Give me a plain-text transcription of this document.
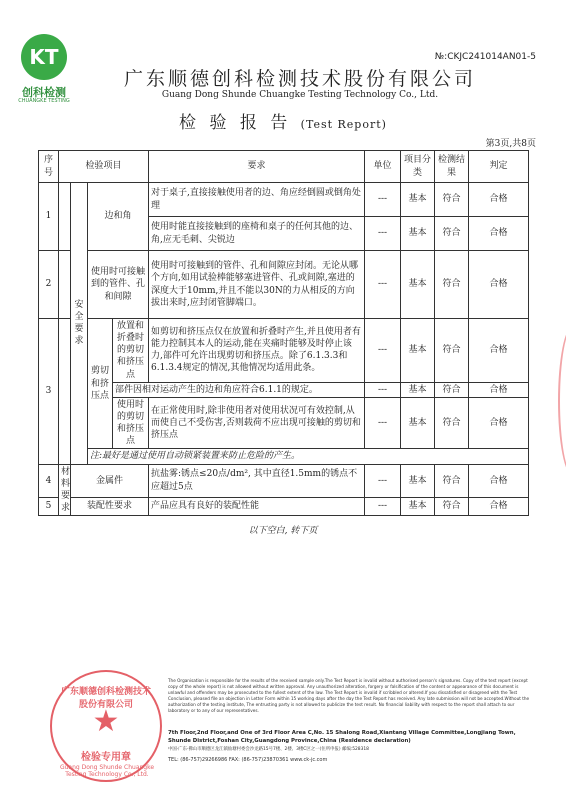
KT
创科检测
CHUANGKE TESTING
№:CKJC241014AN01-5
广东顺德创科检测技术股份有限公司
Guang Dong Shunde Chuangke Testing Technology Co., Ltd.
检 验 报 告 (Test Report)
第3页,共8页
序号	检验项目				要求	单位	项目分类	检测结果	判定
1		安全要求	边和角		对于桌子,直接接触使用者的边、角应经倒圆或倒角处理	---	基本	符合	合格
					使用时能直接接触到的座椅和桌子的任何其他的边、角,应无毛刺、尖锐边	---	基本	符合	合格
2			使用时可接触到的管件、孔和间隙		使用时可接触到的管件、孔和间隙应封闭。无论从哪个方向,如用试验棒能够塞进管件、孔或间隙,塞进的深度大于10mm,并且不能以30N的力从相反的方向拔出来时,应封闭管脚端口。	---	基本	符合	合格
3			剪切和挤压点	放置和折叠时的剪切和挤压点	如剪切和挤压点仅在放置和折叠时产生,并且使用者有能力控制其本人的运动,能在夹痛时能够及时停止该力,部件可允许出现剪切和挤压点。除了6.1.3.3和6.1.3.4规定的情况,其他情况均适用此条。	---	基本	符合	合格
				部件因相对运动产生的边和角应符合6.1.1的规定。		---	基本	符合	合格
				使用时的剪切和挤压点	在正常使用时,除非使用者对使用状况可有效控制,从而使自己不受伤害,否则载荷不应出现可接触的剪切和挤压点	---	基本	符合	合格
			注:最好是通过使用自动锁紧装置来防止危险的产生。						
4	材料要求	金属件			抗盐雾:锈点≤20点/dm², 其中直径1.5mm的锈点不应超过5点	---	基本	符合	合格
5		装配性要求			产品应具有良好的装配性能	---	基本	符合	合格
以下空白, 转下页
广东顺德创科检测技术股份有限公司
★
检验专用章
Guang Dong Shunde Chuangke Testing Technology Co., Ltd.
The Organisation is responsible for the results of the received sample only.The Test Report is invalid without authorised person's signatures. Copy of the test report (except copy of the whole report) is not allowed without written approval. Any unauthorized alteration, forgery or falsification of the content or appearance of this document is unlawful and offenders may be prosecuted to the fullest extent of the law. The Test Report is invalid if scribbled or altered.If you dissatisfied or disagreed with the Test Conclusion, pleased file an objection in Letter Form within 15 working days after the day the Test Report has received. Any late submission will not be accepted.Without the authorization of the testing institute, The entrusting party is not allowed to publicize the test result. No financial liability with respect to the report shall attach to our laboratory or to any of our representatives.
7th Floor,2nd Floor,and One of 3rd Floor Area C,No. 15 Shalong Road,Xiantang Village Committee,Longjiang Town, Shunde District,Foshan City,Guangdong Province,China (Residence declaration)
中国·广东·佛山市顺德区龙江镇仙塘村委会沙龙路15号7楼、2楼、3楼C区之一(住所申报) 邮编:528318
TEL: (86-757)29266986 FAX: (86-757)23870361 www.ck-jc.com
